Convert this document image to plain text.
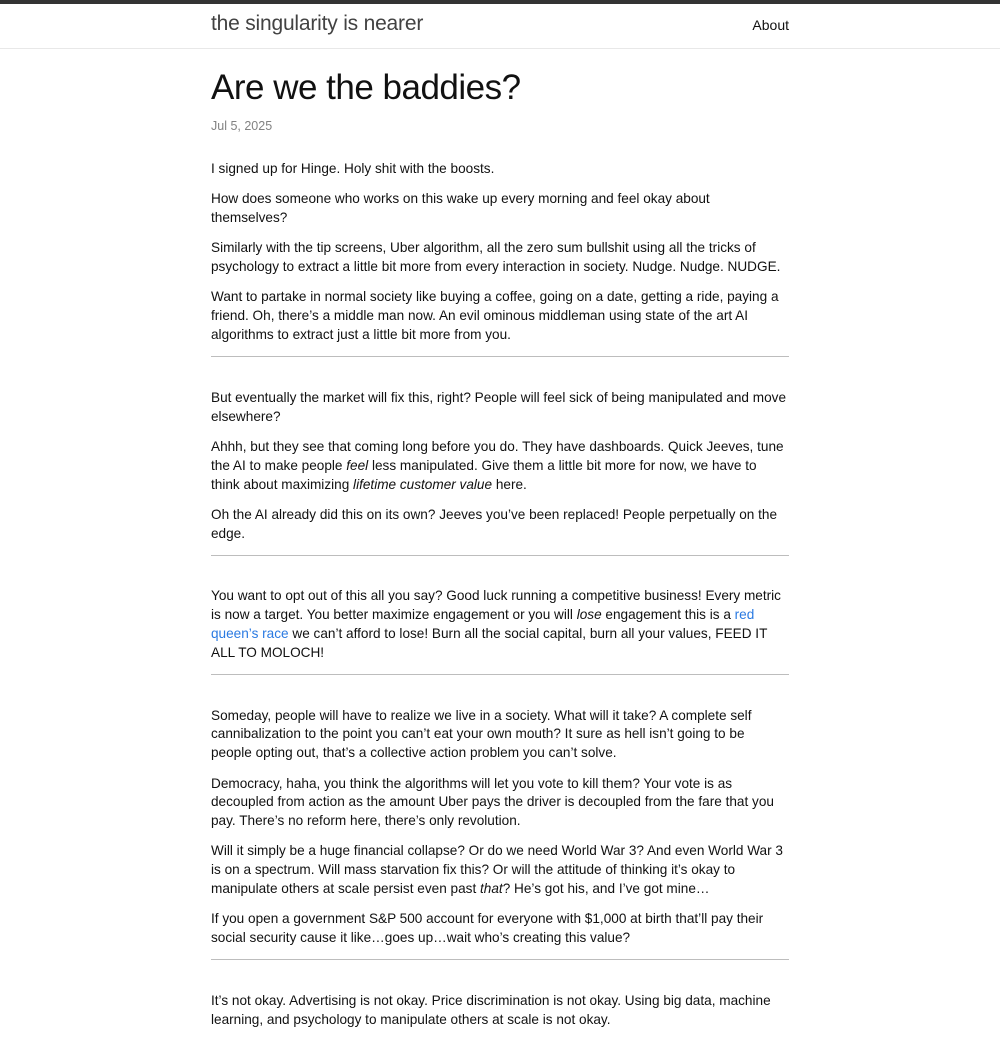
the singularity is nearer	About
Are we the baddies?

Jul 5, 2025

I signed up for Hinge. Holy shit with the boosts.

How does someone who works on this wake up every morning and feel okay about themselves?

Similarly with the tip screens, Uber algorithm, all the zero sum bullshit using all the tricks of psychology to extract a little bit more from every interaction in society. Nudge. Nudge. NUDGE.

Want to partake in normal society like buying a coffee, going on a date, getting a ride, paying a friend. Oh, there’s a middle man now. An evil ominous middleman using state of the art AI algorithms to extract just a little bit more from you.

But eventually the market will fix this, right? People will feel sick of being manipulated and move elsewhere?

Ahhh, but they see that coming long before you do. They have dashboards. Quick Jeeves, tune the AI to make people feel less manipulated. Give them a little bit more for now, we have to think about maximizing lifetime customer value here.

Oh the AI already did this on its own? Jeeves you’ve been replaced! People perpetually on the edge.

You want to opt out of this all you say? Good luck running a competitive business! Every metric is now a target. You better maximize engagement or you will lose engagement this is a red queen’s race we can’t afford to lose! Burn all the social capital, burn all your values, FEED IT ALL TO MOLOCH!

Someday, people will have to realize we live in a society. What will it take? A complete self cannibalization to the point you can’t eat your own mouth? It sure as hell isn’t going to be people opting out, that’s a collective action problem you can’t solve.

Democracy, haha, you think the algorithms will let you vote to kill them? Your vote is as decoupled from action as the amount Uber pays the driver is decoupled from the fare that you pay. There’s no reform here, there’s only revolution.

Will it simply be a huge financial collapse? Or do we need World War 3? And even World War 3 is on a spectrum. Will mass starvation fix this? Or will the attitude of thinking it’s okay to manipulate others at scale persist even past that? He’s got his, and I’ve got mine…

If you open a government S&P 500 account for everyone with $1,000 at birth that’ll pay their social security cause it like…goes up…wait who’s creating this value?

It’s not okay. Advertising is not okay. Price discrimination is not okay. Using big data, machine learning, and psychology to manipulate others at scale is not okay.
